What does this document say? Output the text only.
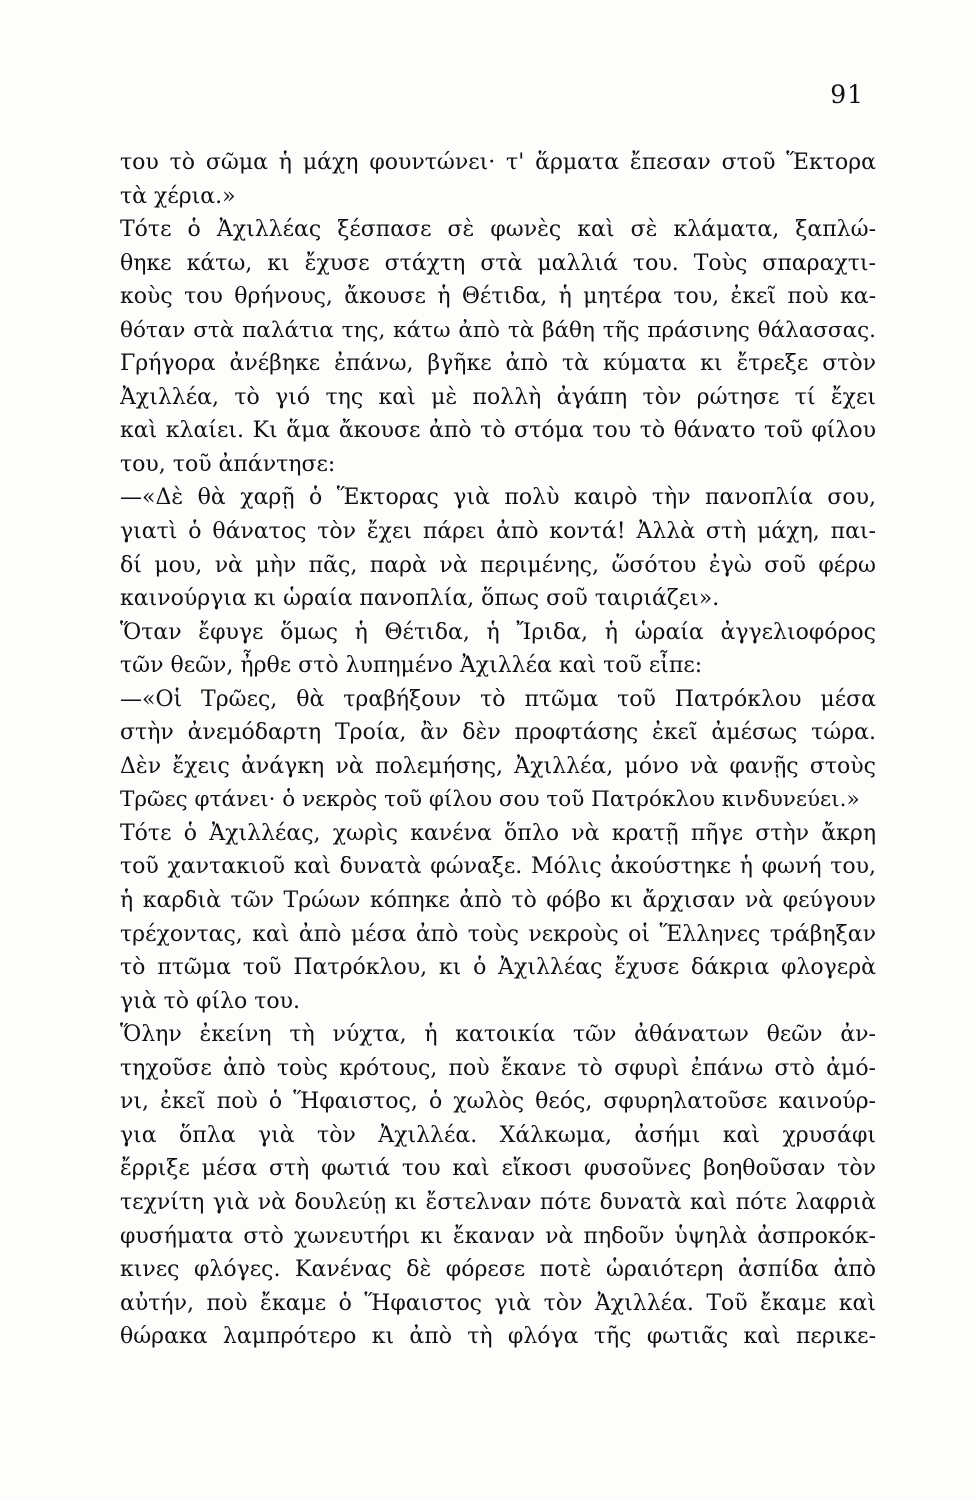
91
του τὸ σῶμα ἡ μάχη φουντώνει· τ' ἅρματα ἔπεσαν στοῦ Ἕκτορα
τὰ χέρια.»
Τότε ὁ Ἀχιλλέας ξέσπασε σὲ φωνὲς καὶ σὲ κλάματα, ξαπλώ-
θηκε κάτω, κι ἔχυσε στάχτη στὰ μαλλιά του. Τοὺς σπαραχτι-
κοὺς του θρήνους, ἄκουσε ἡ Θέτιδα, ἡ μητέρα του, ἐκεῖ ποὺ κα-
θόταν στὰ παλάτια της, κάτω ἀπὸ τὰ βάθη τῆς πράσινης θάλασσας.
Γρήγορα ἀνέβηκε ἐπάνω, βγῆκε ἀπὸ τὰ κύματα κι ἔτρεξε στὸν
Ἀχιλλέα, τὸ γιό της καὶ μὲ πολλὴ ἀγάπη τὸν ρώτησε τί ἔχει
καὶ κλαίει. Κι ἅμα ἄκουσε ἀπὸ τὸ στόμα του τὸ θάνατο τοῦ φίλου
του, τοῦ ἀπάντησε:
—«Δὲ θὰ χαρῇ ὁ Ἕκτορας γιὰ πολὺ καιρὸ τὴν πανοπλία σου,
γιατὶ ὁ θάνατος τὸν ἔχει πάρει ἀπὸ κοντά! Ἀλλὰ στὴ μάχη, παι-
δί μου, νὰ μὴν πᾶς, παρὰ νὰ περιμένης, ὥσότου ἐγὼ σοῦ φέρω
καινούργια κι ὡραία πανοπλία, ὅπως σοῦ ταιριάζει».
Ὅταν ἔφυγε ὅμως ἡ Θέτιδα, ἡ Ἴριδα, ἡ ὡραία ἀγγελιοφόρος
τῶν θεῶν, ἦρθε στὸ λυπημένο Ἀχιλλέα καὶ τοῦ εἶπε:
—«Οἱ Τρῶες, θὰ τραβήξουν τὸ πτῶμα τοῦ Πατρόκλου μέσα
στὴν ἀνεμόδαρτη Τροία, ἂν δὲν προφτάσης ἐκεῖ ἀμέσως τώρα.
Δὲν ἔχεις ἀνάγκη νὰ πολεμήσης, Ἀχιλλέα, μόνο νὰ φανῇς στοὺς
Τρῶες φτάνει· ὁ νεκρὸς τοῦ φίλου σου τοῦ Πατρόκλου κινδυνεύει.»
Τότε ὁ Ἀχιλλέας, χωρὶς κανένα ὅπλο νὰ κρατῇ πῆγε στὴν ἄκρη
τοῦ χαντακιοῦ καὶ δυνατὰ φώναξε. Μόλις ἀκούστηκε ἡ φωνή του,
ἡ καρδιὰ τῶν Τρώων κόπηκε ἀπὸ τὸ φόβο κι ἄρχισαν νὰ φεύγουν
τρέχοντας, καὶ ἀπὸ μέσα ἀπὸ τοὺς νεκροὺς οἱ Ἕλληνες τράβηξαν
τὸ πτῶμα τοῦ Πατρόκλου, κι ὁ Ἀχιλλέας ἔχυσε δάκρια φλογερὰ
γιὰ τὸ φίλο του.
Ὅλην ἐκείνη τὴ νύχτα, ἡ κατοικία τῶν ἀθάνατων θεῶν ἀν-
τηχοῦσε ἀπὸ τοὺς κρότους, ποὺ ἔκανε τὸ σφυρὶ ἐπάνω στὸ ἀμό-
νι, ἐκεῖ ποὺ ὁ Ἥφαιστος, ὁ χωλὸς θεός, σφυρηλατοῦσε καινούρ-
για ὅπλα γιὰ τὸν Ἀχιλλέα. Χάλκωμα, ἀσήμι καὶ χρυσάφι
ἔρριξε μέσα στὴ φωτιά του καὶ εἴκοσι φυσοῦνες βοηθοῦσαν τὸν
τεχνίτη γιὰ νὰ δουλεύῃ κι ἔστελναν πότε δυνατὰ καὶ πότε λαφριὰ
φυσήματα στὸ χωνευτήρι κι ἔκαναν νὰ πηδοῦν ὑψηλὰ ἀσπροκόκ-
κινες φλόγες. Κανένας δὲ φόρεσε ποτὲ ὡραιότερη ἀσπίδα ἀπὸ
αὐτήν, ποὺ ἔκαμε ὁ Ἥφαιστος γιὰ τὸν Ἀχιλλέα. Τοῦ ἔκαμε καὶ
θώρακα λαμπρότερο κι ἀπὸ τὴ φλόγα τῆς φωτιᾶς καὶ περικε-
